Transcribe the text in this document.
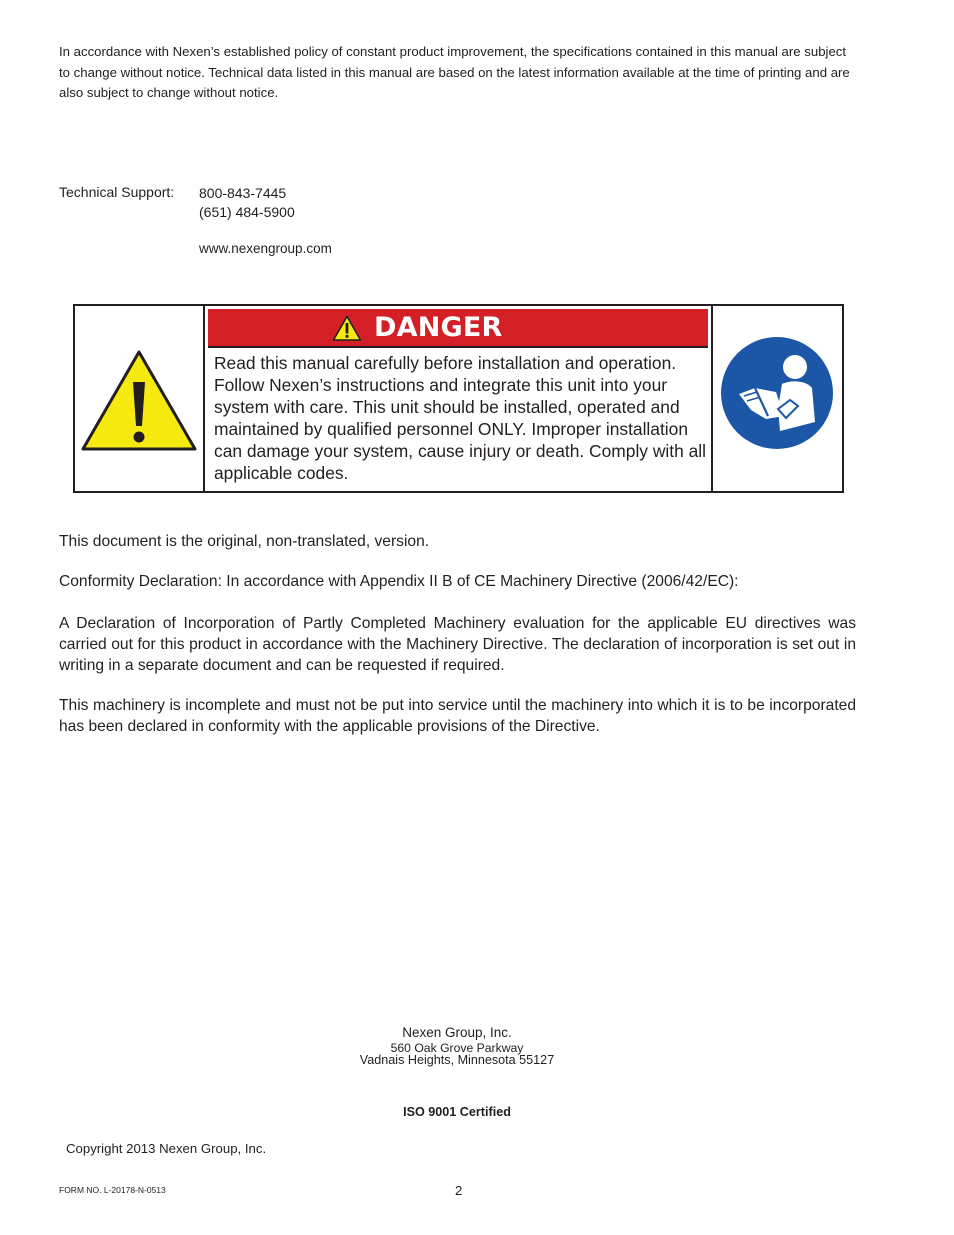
In accordance with Nexen’s established policy of constant product improvement, the specifications contained in this manual are subject to change without notice. Technical data listed in this manual are based on the latest information available at the time of printing and are also subject to change without notice.
Technical Support: 800-843-7445
(651) 484-5900
www.nexengroup.com
DANGER
Read this manual carefully before installation and operation. Follow Nexen’s instructions and integrate this unit into your system with care. This unit should be installed, operated and maintained by qualified personnel ONLY. Improper installation can damage your system, cause injury or death. Comply with all applicable codes.
This document is the original, non-translated, version.
Conformity Declaration: In accordance with Appendix II B of CE Machinery Directive (2006/42/EC):
A Declaration of Incorporation of Partly Completed Machinery evaluation for the applicable EU directives was carried out for this product in accordance with the Machinery Directive. The declaration of incorporation is set out in writing in a separate document and can be requested if required.
This machinery is incomplete and must not be put into service until the machinery into which it is to be incorporated has been declared in conformity with the applicable provisions of the Directive.
Nexen Group, Inc.
560 Oak Grove Parkway
Vadnais Heights, Minnesota 55127
ISO 9001 Certified
Copyright 2013 Nexen Group, Inc.
FORM NO. L-20178-N-0513	2
